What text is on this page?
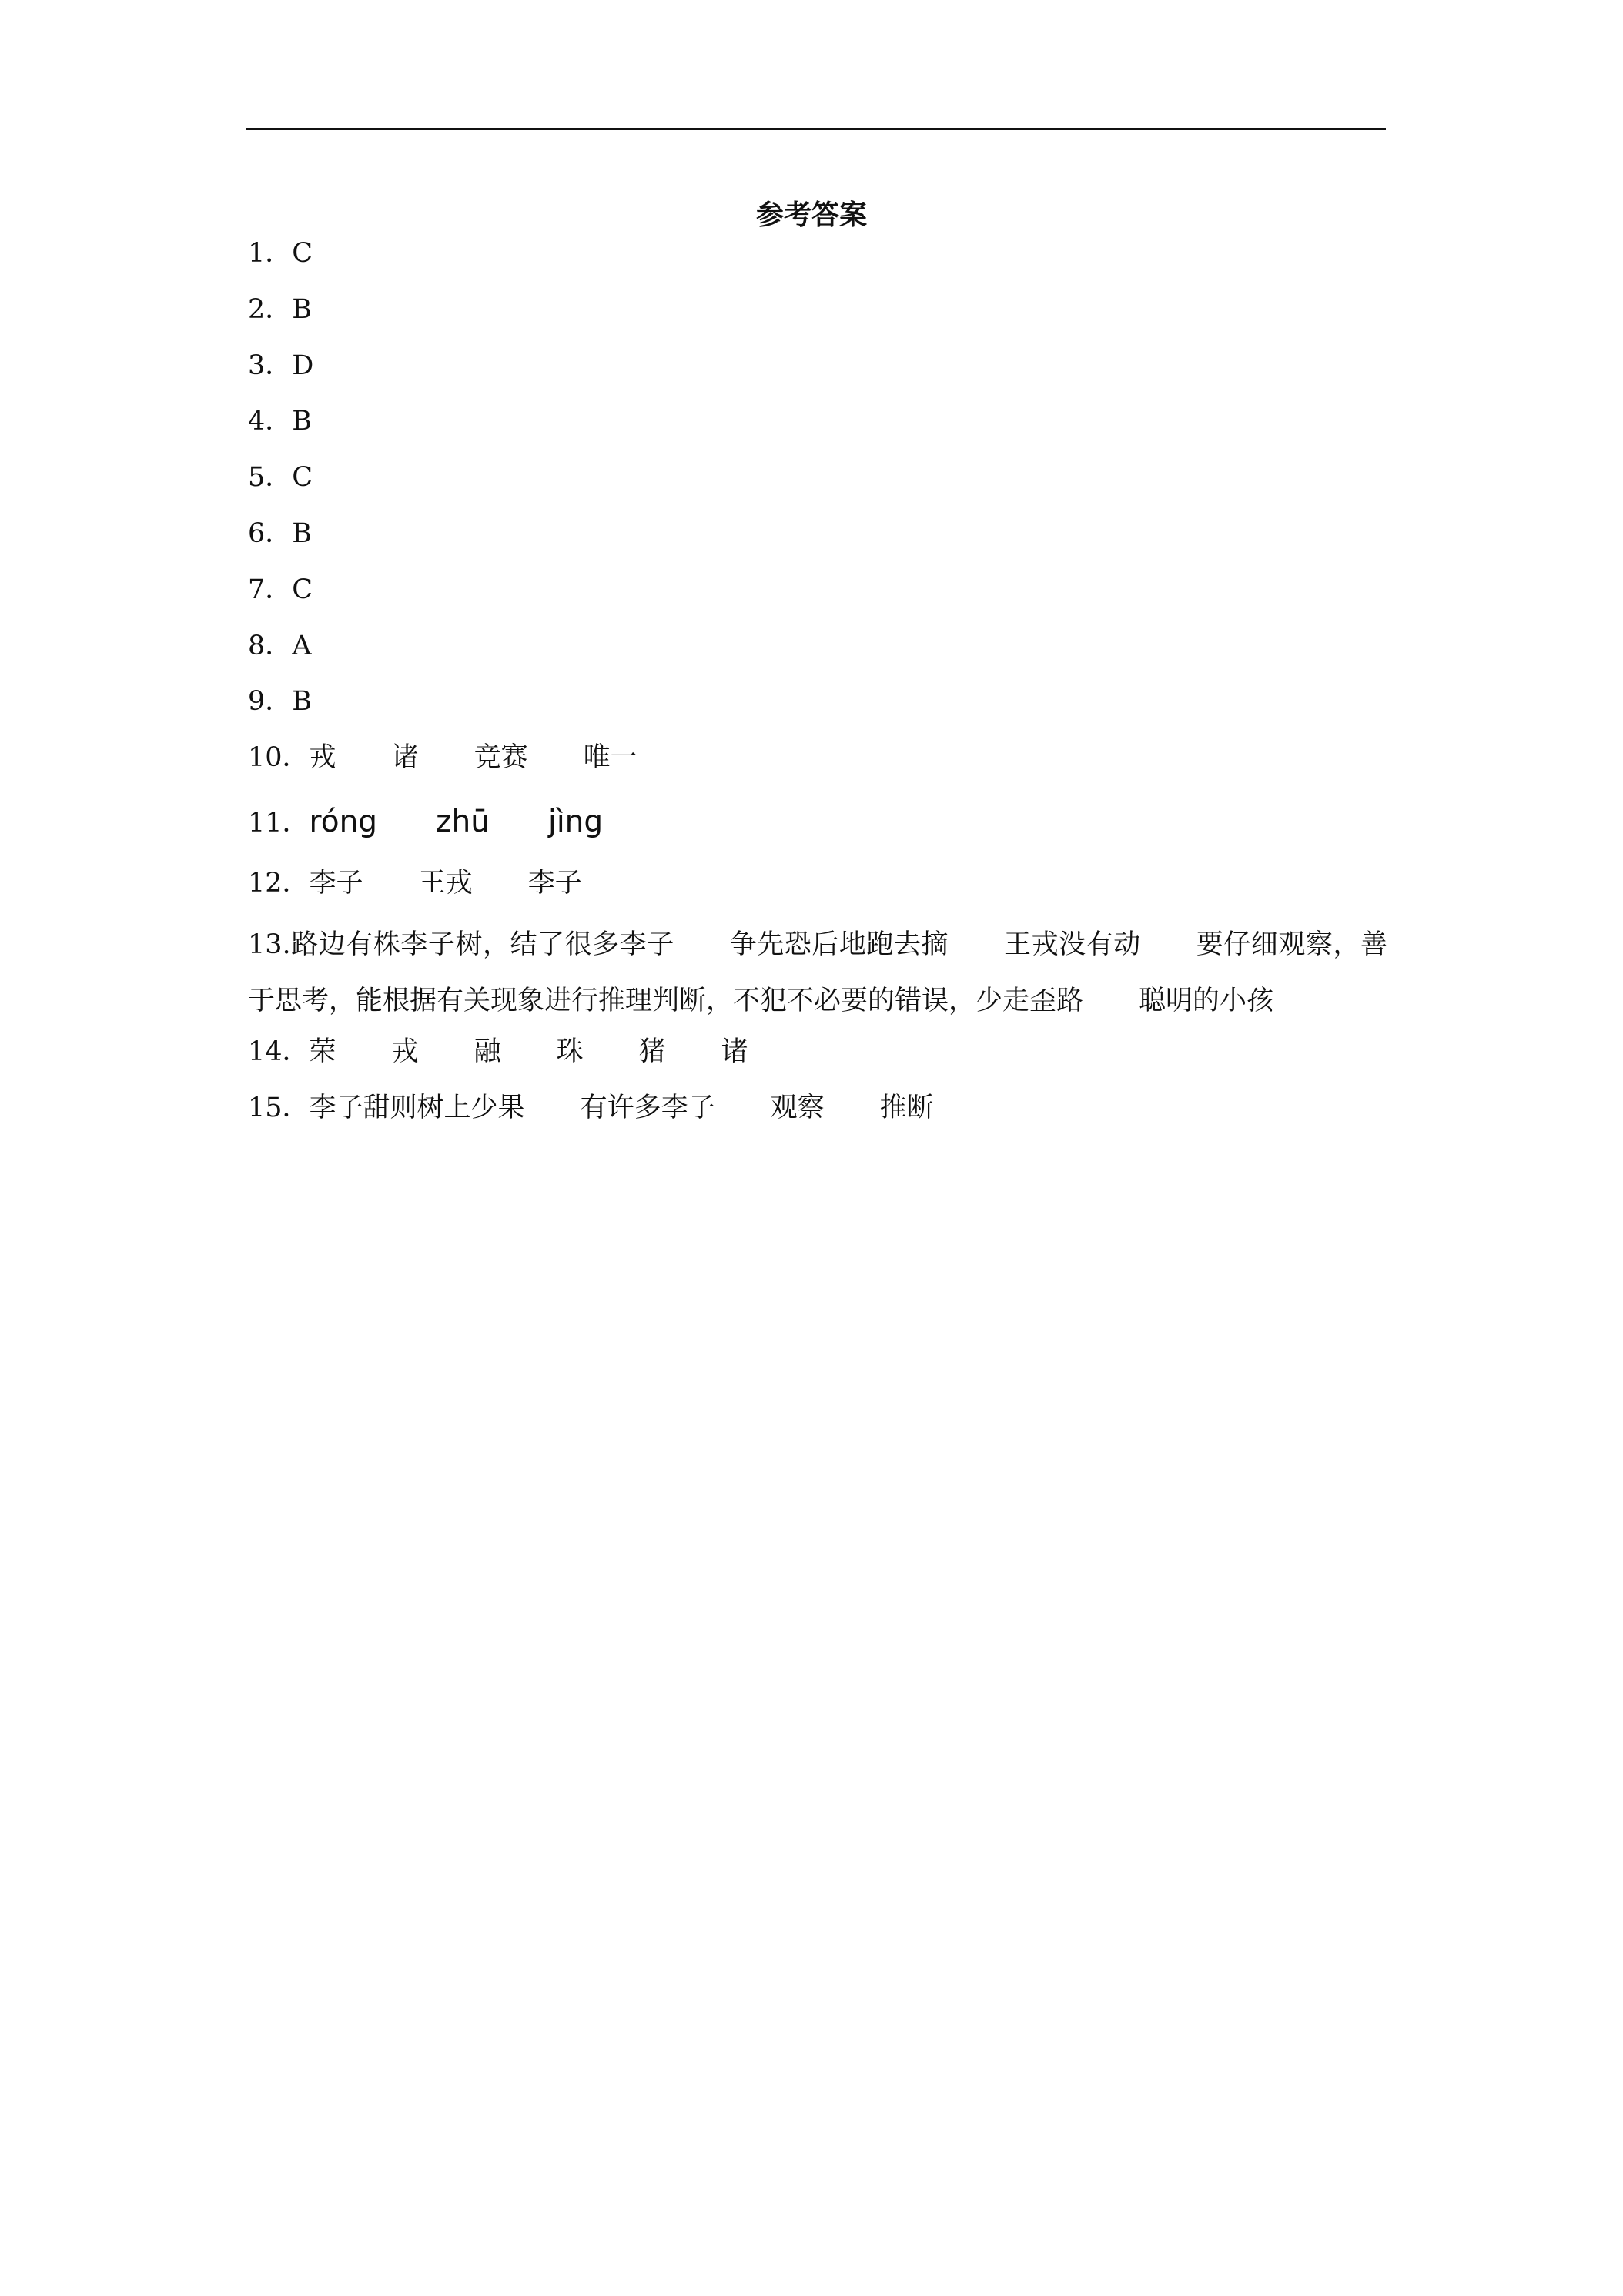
参考答案
1．C
2．B
3．D
4．B
5．C
6．B
7．C
8．A
9．B
10．戎 诸 竞赛 唯一
11．róng zhū jìng
12．李子 王戎 李子
13.路边有株李子树，结了很多李子 争先恐后地跑去摘 王戎没有动 要仔细观察，善于思考，能根据有关现象进行推理判断，不犯不必要的错误，少走歪路 聪明的小孩
14．荣 戎 融 珠 猪 诸
15．李子甜则树上少果 有许多李子 观察 推断
